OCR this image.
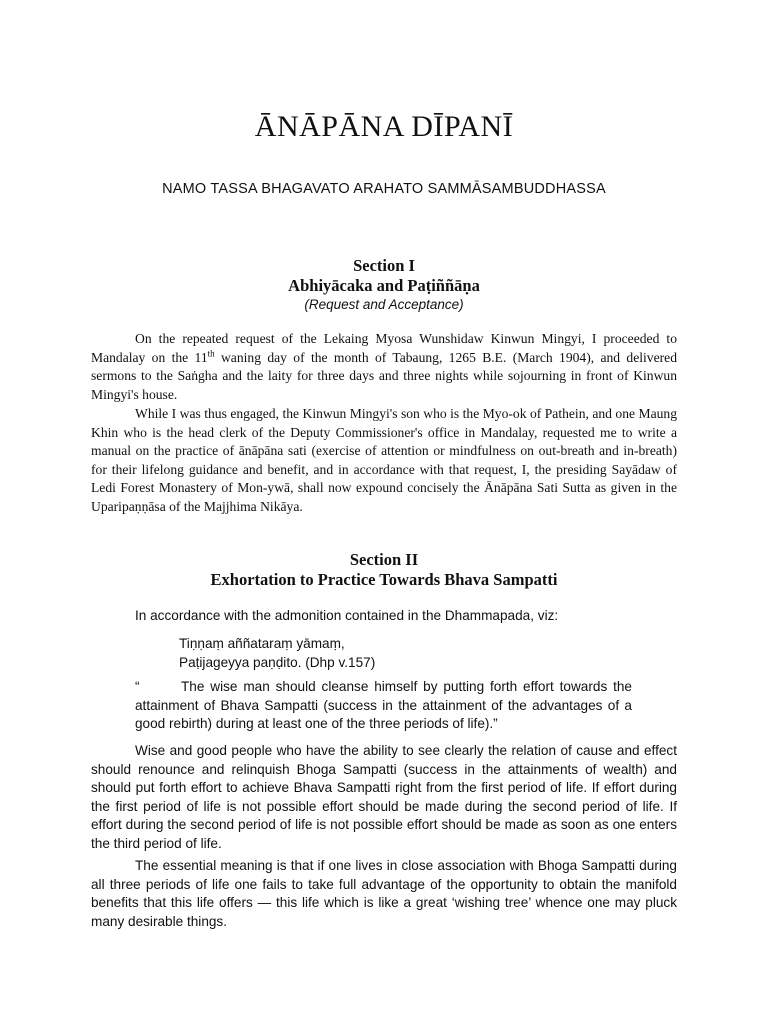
ĀNĀPĀNA DĪPANĪ
NAMO TASSA BHAGAVATO ARAHATO SAMMĀSAMBUDDHASSA
Section I
Abhiyācaka and Paṭiññāṇa
(Request and Acceptance)
On the repeated request of the Lekaing Myosa Wunshidaw Kinwun Mingyi, I proceeded to Mandalay on the 11th waning day of the month of Tabaung, 1265 B.E. (March 1904), and delivered sermons to the Saṅgha and the laity for three days and three nights while sojourning in front of Kinwun Mingyi's house.
While I was thus engaged, the Kinwun Mingyi's son who is the Myo-ok of Pathein, and one Maung Khin who is the head clerk of the Deputy Commissioner's office in Mandalay, requested me to write a manual on the practice of ānāpāna sati (exercise of attention or mindfulness on out-breath and in-breath) for their lifelong guidance and benefit, and in accordance with that request, I, the presiding Sayādaw of Ledi Forest Monastery of Mon-ywā, shall now expound concisely the Ānāpāna Sati Sutta as given in the Uparipaṇṇāsa of the Majjhima Nikāya.
Section II
Exhortation to Practice Towards Bhava Sampatti
In accordance with the admonition contained in the Dhammapada, viz:
Tiṇṇaṃ aññataraṃ yāmaṃ,
Paṭijageyya paṇḍito. (Dhp v.157)
“	The wise man should cleanse himself by putting forth effort towards the attainment of Bhava Sampatti (success in the attainment of the advantages of a good rebirth) during at least one of the three periods of life).”
Wise and good people who have the ability to see clearly the relation of cause and effect should renounce and relinquish Bhoga Sampatti (success in the attainments of wealth) and should put forth effort to achieve Bhava Sampatti right from the first period of life. If effort during the first period of life is not possible effort should be made during the second period of life. If effort during the second period of life is not possible effort should be made as soon as one enters the third period of life.
The essential meaning is that if one lives in close association with Bhoga Sampatti during all three periods of life one fails to take full advantage of the opportunity to obtain the manifold benefits that this life offers — this life which is like a great ‘wishing tree’ whence one may pluck many desirable things.
